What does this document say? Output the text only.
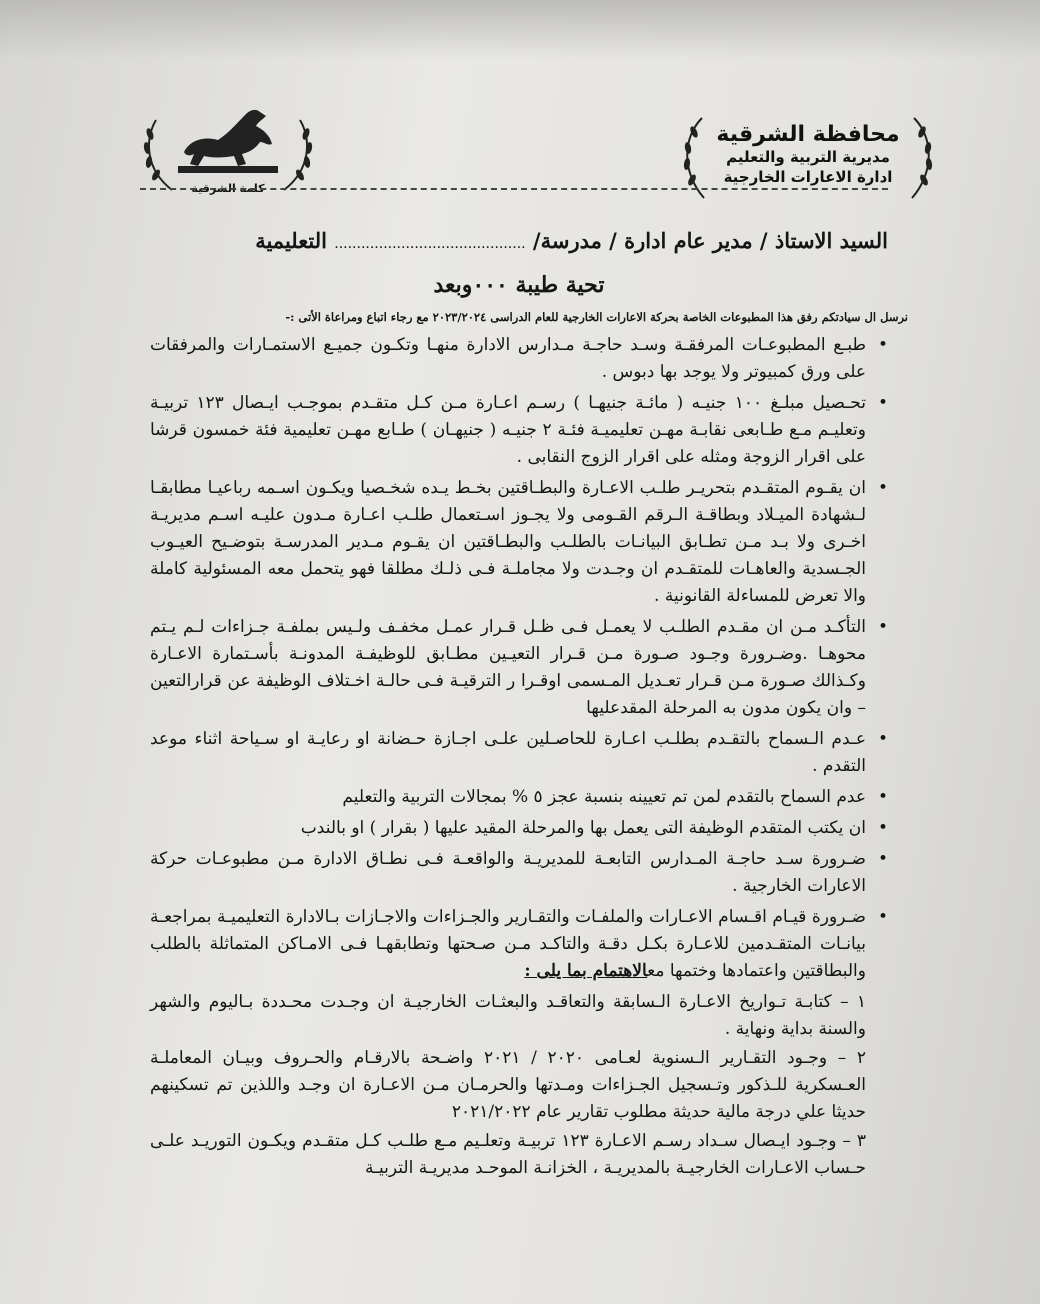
كلمة الشرقية
محافظة الشرقية
مديرية التربية والتعليم
ادارة الاعارات الخارجية
السيد الاستاذ / مدير عام ادارة / مدرسة/ ........................................... التعليمية
تحية طيبة ٠٠٠وبعد
نرسل ال سيادتكم رفق هذا المطبوعات الخاصة بحركة الاعارات الخارجية للعام الدراسى ٢٠٢٣/٢٠٢٤ مع رجاء اتباع ومراعاة الأتى :-
•
طبـع المطبوعـات المرفقـة وسـد حاجـة مـدارس الادارة منهـا وتكـون جميـع الاستمـارات والمرفقات على ورق كمبيوتر ولا يوجد بها دبوس .
•
تحـصيل مبلـغ ١٠٠ جنيـه ( مائـة جنيهـا ) رسـم اعـارة مـن كـل متقـدم بموجـب ايـصال ١٢٣ تربيـة وتعليـم مـع طـابعى نقابـة مهـن تعليميـة فئـة ٢ جنيـه ( جنيهـان ) طـابع مهـن تعليمية فئة خمسون قرشا على اقرار الزوجة ومثله على اقرار الزوج النقابى .
•
ان يقـوم المتقـدم بتحريـر طلـب الاعـارة والبطـاقتين بخـط يـده شخـصيا ويكـون اسـمه رباعيـا مطابقـا لـشهادة الميـلاد وبطاقـة الـرقم القـومى ولا يجـوز اسـتعمال طلـب اعـارة مـدون عليـه اسـم مديريـة اخـرى ولا بـد مـن تطـابق البيانـات بالطلـب والبطـاقتين ان يقـوم مـدير المدرسـة بتوضـيح العيـوب الجـسدية والعاهـات للمتقـدم ان وجـدت ولا مجاملـة فـى ذلـك مطلقا فهو يتحمل معه المسئولية كاملة والا تعرض للمساءلة القانونية .
•
التأكـد مـن ان مقـدم الطلـب لا يعمـل فـى ظـل قـرار عمـل مخفـف ولـيس بملفـة جـزاءات لـم يـتم محوهـا .وضـرورة وجـود صـورة مـن قـرار التعيـين مطـابق للوظيفـة المدونـة بأسـتمارة الاعـارة وكـذالك صـورة مـن قـرار تعـديل المـسمى اوقـرا ر الترقيـة فـى حالـة اخـتلاف الوظيفة عن قرارالتعين – وان يكون مدون به المرحلة المقدعليها
•
عـدم الـسماح بالتقـدم بطلـب اعـارة للحاصـلين علـى اجـازة حـضانة او رعايـة او سـياحة اثناء موعد التقدم .
•
عدم السماح بالتقدم لمن تم تعيينه بنسبة عجز ٥ % بمجالات التربية والتعليم
•
ان يكتب المتقدم الوظيفة التى يعمل بها والمرحلة المقيد عليها ( بقرار ) او بالندب
•
ضـرورة سـد حاجـة المـدارس التابعـة للمديريـة والواقعـة فـى نطـاق الادارة مـن مطبوعـات حركة الاعارات الخارجية .
•
ضـرورة قيـام اقـسام الاعـارات والملفـات والتقـارير والجـزاءات والاجـازات بـالادارة التعليميـة بمراجعـة بيانـات المتقـدمين للاعـارة بكـل دقـة والتاكـد مـن صـحتها وتطابقهـا فـى الامـاكن المتماثلة بالطلب والبطاقتين واعتمادها وختمها معالاهتمام بما يلى :
١ – كتابـة تـواريخ الاعـارة الـسابقة والتعاقـد والبعثـات الخارجيـة ان وجـدت محـددة بـاليوم والشهر والسنة بداية ونهاية .
٢ – وجـود التقـارير الـسنوية لعـامى ٢٠٢٠ / ٢٠٢١ واضـحة بالارقـام والحـروف وبيـان المعاملـة العـسكرية للـذكور وتـسجيل الجـزاءات ومـدتها والحرمـان مـن الاعـارة ان وجـد واللذين تم تسكينهم حديثا علي درجة مالية حديثة مطلوب تقارير عام ٢٠٢١/٢٠٢٢
٣ – وجـود ايـصال سـداد رسـم الاعـارة ١٢٣ تربيـة وتعلـيم مـع طلـب كـل متقـدم ويكـون التوريـد علـى حـساب الاعـارات الخارجيـة بالمديريـة ، الخزانـة الموحـد مديريـة التربيـة
